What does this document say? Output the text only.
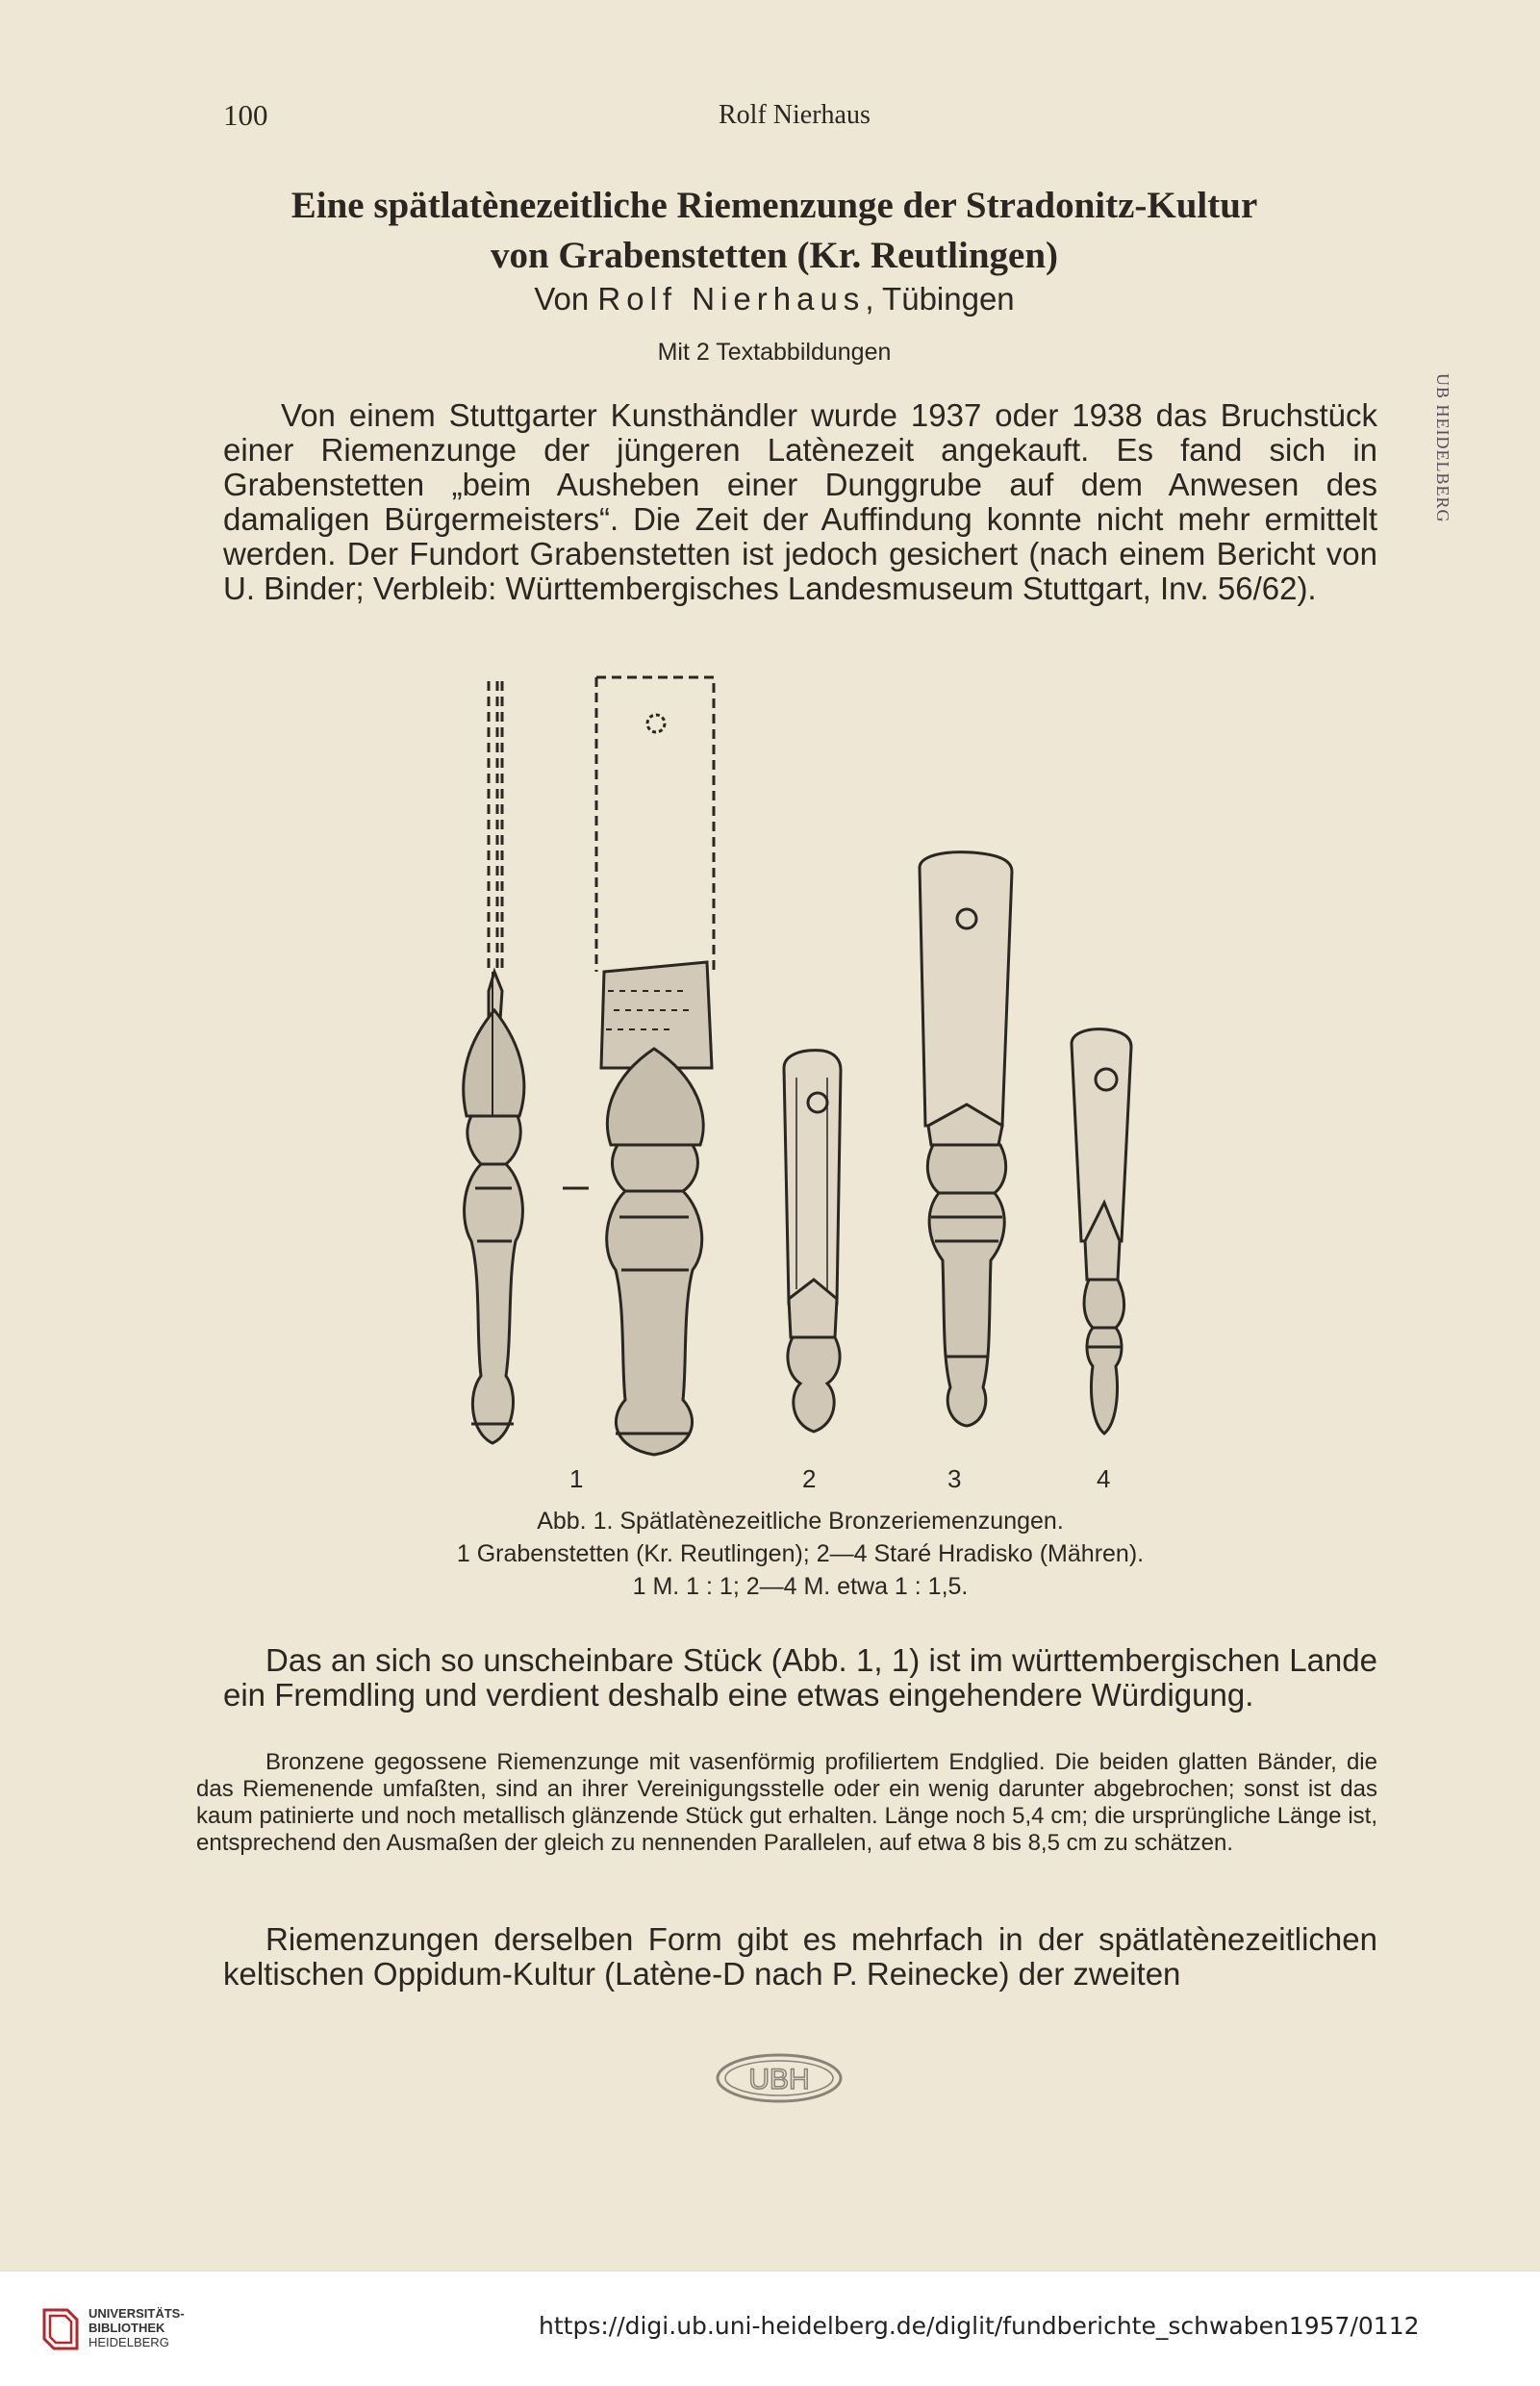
100	Rolf Nierhaus
Eine spätlatènezeitliche Riemenzunge der Stradonitz-Kultur
von Grabenstetten (Kr. Reutlingen)
Von Rolf Nierhaus, Tübingen
Mit 2 Textabbildungen
Von einem Stuttgarter Kunsthändler wurde 1937 oder 1938 das Bruchstück einer Riemenzunge der jüngeren Latènezeit angekauft. Es fand sich in Grabenstetten „beim Ausheben einer Dunggrube auf dem Anwesen des damaligen Bürgermeisters“. Die Zeit der Auffindung konnte nicht mehr ermittelt werden. Der Fundort Grabenstetten ist jedoch gesichert (nach einem Bericht von U. Binder; Verbleib: Württembergisches Landesmuseum Stuttgart, Inv. 56/62).
1	2	3	4
Abb. 1. Spätlatènezeitliche Bronzeriemenzungen.
1 Grabenstetten (Kr. Reutlingen); 2—4 Staré Hradisko (Mähren).
1 M. 1 : 1; 2—4 M. etwa 1 : 1,5.
Das an sich so unscheinbare Stück (Abb. 1, 1) ist im württembergischen Lande ein Fremdling und verdient deshalb eine etwas eingehendere Würdigung.
Bronzene gegossene Riemenzunge mit vasenförmig profiliertem Endglied. Die beiden glatten Bänder, die das Riemenende umfaßten, sind an ihrer Vereinigungsstelle oder ein wenig darunter abgebrochen; sonst ist das kaum patinierte und noch metallisch glänzende Stück gut erhalten. Länge noch 5,4 cm; die ursprüngliche Länge ist, entsprechend den Ausmaßen der gleich zu nennenden Parallelen, auf etwa 8 bis 8,5 cm zu schätzen.
Riemenzungen derselben Form gibt es mehrfach in der spätlatènezeitlichen keltischen Oppidum-Kultur (Latène-D nach P. Reinecke) der zweiten
UB HEIDELBERG
UBH
UNIVERSITÄTS-
BIBLIOTHEK
HEIDELBERG
https://digi.ub.uni-heidelberg.de/diglit/fundberichte_schwaben1957/0112
